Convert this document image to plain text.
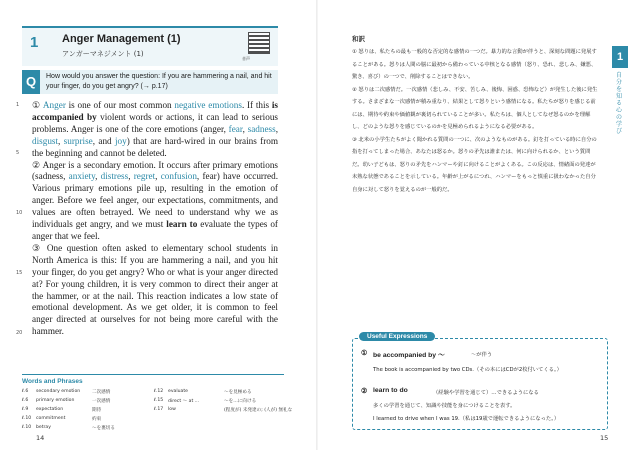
1 Anger Management (1)
アンガーマネジメント (1)
音声
Q	How would you answer the question: If you are hammering a nail, and hit your finger, do you get angry? (→ p.17)
1
5
10
15
20

① Anger is one of our most common negative emotions. If this is accompanied by violent words or actions, it can lead to serious problems. Anger is one of the core emotions (anger, fear, sadness, disgust, surprise, and joy) that are hard-wired in our brains from the beginning and cannot be deleted.

② Anger is a secondary emotion. It occurs after primary emotions (sadness, anxiety, distress, regret, confusion, fear) have occurred. Various primary emotions pile up, resulting in the emotion of anger. Before we feel anger, our expectations, commitments, and values are often betrayed. We need to understand why we as individuals get angry, and we must learn to evaluate the types of anger that we feel.

③ One question often asked to elementary school students in North America is this: If you are hammering a nail, and you hit your finger, do you get angry? Who or what is your anger directed at? For young children, it is very common to direct their anger at the hammer, or at the nail. This reaction indicates a low state of emotional development. As we get older, it is common to feel anger directed at ourselves for not being more careful with the hammer.

Words and Phrases
ℓ.6 secondary emotion	二次感情
ℓ.6 primary emotion	一次感情
ℓ.9 expectation	期待
ℓ.10 commitment	約束
ℓ.10 betray	～を裏切る
ℓ.12 evaluate	～を見極める
ℓ.15 direct ～ at ...	～を…に向ける
ℓ.17 low	(程度が) 未発達の; (人が) 無礼な
14
和訳

① 怒りは、私たちの最も一般的な否定的な感情の一つだ。暴力的な言動が伴うと、深刻な問題に発展することがある。怒りは人間の脳に最初から備わっている中核となる感情（怒り、恐れ、悲しみ、嫌悪、驚き、喜び）の一つで、削除することはできない。

② 怒りは二次感情だ。一次感情（悲しみ、不安、苦しみ、後悔、困惑、恐怖など）が発生した後に発生する。さまざまな一次感情が積み重なり、結果として怒りという感情になる。私たちが怒りを感じる前には、期待や約束や価値観が裏切られていることが多い。私たちは、個人としてなぜ怒るのかを理解し、どのような怒りを感じているのかを見極められるようになる必要がある。

③ 北米の小学生たちがよく聞かれる質問の一つに、次のようなものがある。釘を打っている時に自分の指を打ってしまった場合、あなたは怒るか。怒りの矛先は誰または、何に向けられるか、という質問だ。幼い子どもは、怒りの矛先をハンマーや釘に向けることがよくある。この反応は、情緒面の発達が未熟な状態であることを示している。年齢が上がるにつれ、ハンマーをもっと慎重に扱わなかった自分自身に対して怒りを覚えるのが一般的だ。

1
自分を知る心の学び
Useful Expressions
① be accompanied by ～	～が伴う
The book is accompanied by two CDs.（その本にはCDが2枚付いてくる。）
② learn to do	（経験や学習を通じて）…できるようになる
多くの学習を通じて、知識や技能を身につけることを表す。
I learned to drive when I was 19.（私は19歳で運転できるようになった。）
15
